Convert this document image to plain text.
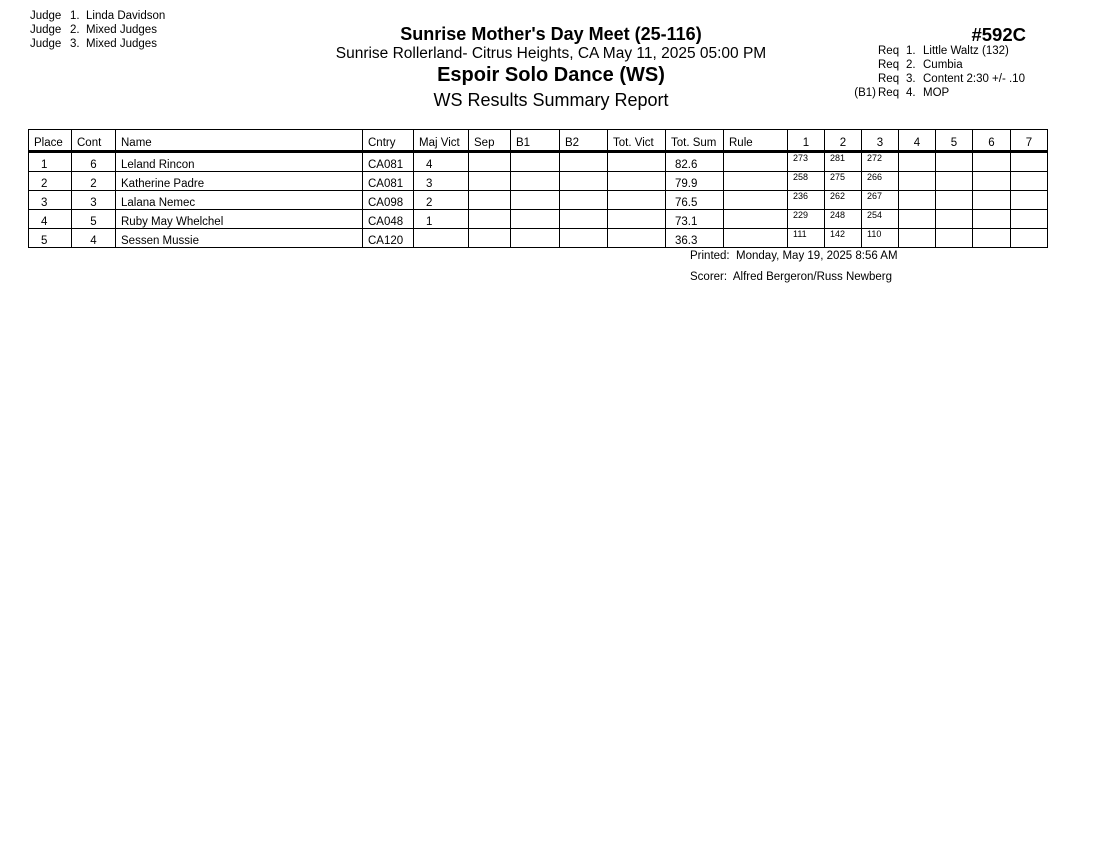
Judge 1. Linda Davidson
Judge 2. Mixed Judges
Judge 3. Mixed Judges	Sunrise Mother's Day Meet (25-116)
Sunrise Rollerland- Citrus Heights, CA May 11, 2025 05:00 PM
Espoir Solo Dance (WS)
WS Results Summary Report
#592C
Req 1. Little Waltz (132)
Req 2. Cumbia
Req 3. Content 2:30 +/- .10
(B1) Req 4. MOP
Place	Cont	Name	Cntry	Maj Vict	Sep	B1	B2	Tot. Vict	Tot. Sum	Rule	1	2	3	4	5	6	7
1	6	Leland Rincon	CA081	4					82.6		273	281	272				
2	2	Katherine Padre	CA081	3					79.9		258	275	266				
3	3	Lalana Nemec	CA098	2					76.5		236	262	267				
4	5	Ruby May Whelchel	CA048	1					73.1		229	248	254				
5	4	Sessen Mussie	CA120						36.3		111	142	110				
Printed: Monday, May 19, 2025 8:56 AM
Scorer: Alfred Bergeron/Russ Newberg
